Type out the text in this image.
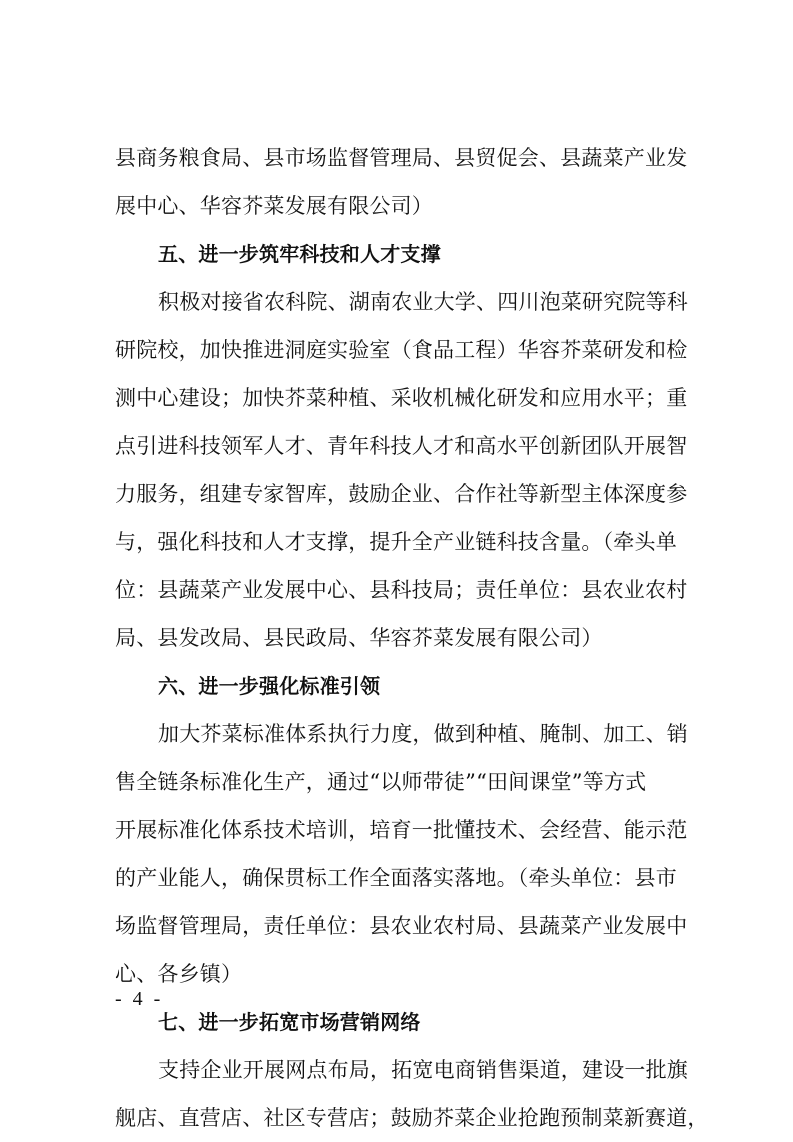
县商务粮食局、县市场监督管理局、县贸促会、县蔬菜产业发
展中心、华容芥菜发展有限公司）
五、进一步筑牢科技和人才支撑
积极对接省农科院、湖南农业大学、四川泡菜研究院等科
研院校，加快推进洞庭实验室（食品工程）华容芥菜研发和检
测中心建设；加快芥菜种植、采收机械化研发和应用水平；重
点引进科技领军人才、青年科技人才和高水平创新团队开展智
力服务，组建专家智库，鼓励企业、合作社等新型主体深度参
与，强化科技和人才支撑，提升全产业链科技含量。（牵头单
位：县蔬菜产业发展中心、县科技局；责任单位：县农业农村
局、县发改局、县民政局、华容芥菜发展有限公司）
六、进一步强化标准引领
加大芥菜标准体系执行力度，做到种植、腌制、加工、销
售全链条标准化生产，通过“以师带徒”“田间课堂”等方式
开展标准化体系技术培训，培育一批懂技术、会经营、能示范
的产业能人，确保贯标工作全面落实落地。（牵头单位：县市
场监督管理局，责任单位：县农业农村局、县蔬菜产业发展中
心、各乡镇）
七、进一步拓宽市场营销网络
支持企业开展网点布局，拓宽电商销售渠道，建设一批旗
舰店、直营店、社区专营店；鼓励芥菜企业抢跑预制菜新赛道，
- 4 -
